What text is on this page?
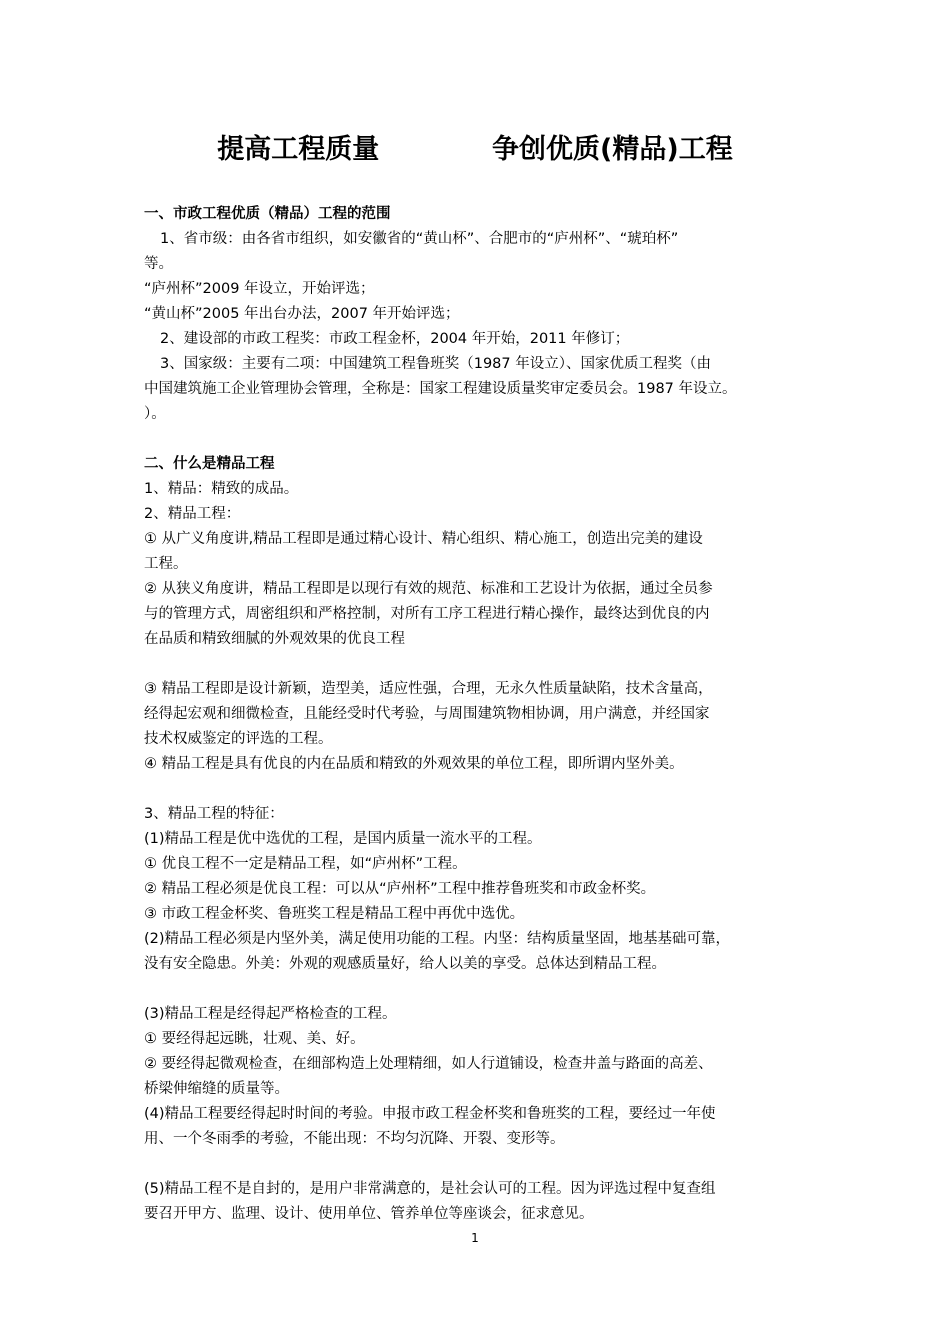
提高工程质量            争创优质(精品)工程
一、市政工程优质（精品）工程的范围

1、省市级：由各省市组织，如安徽省的“黄山杯”、合肥市的“庐州杯”、“琥珀杯”

等。

“庐州杯”2009 年设立，开始评选；

“黄山杯”2005 年出台办法，2007 年开始评选；

2、建设部的市政工程奖：市政工程金杯，2004 年开始，2011 年修订；

3、国家级：主要有二项：中国建筑工程鲁班奖（1987 年设立）、国家优质工程奖（由

中国建筑施工企业管理协会管理，全称是：国家工程建设质量奖审定委员会。1987 年设立。

）。

二、什么是精品工程

1、精品：精致的成品。

2、精品工程：

① 从广义角度讲,精品工程即是通过精心设计、精心组织、精心施工，创造出完美的建设

工程。

② 从狭义角度讲，精品工程即是以现行有效的规范、标准和工艺设计为依据，通过全员参

与的管理方式，周密组织和严格控制，对所有工序工程进行精心操作，最终达到优良的内

在品质和精致细腻的外观效果的优良工程

③ 精品工程即是设计新颖，造型美，适应性强，合理，无永久性质量缺陷，技术含量高，

经得起宏观和细微检查，且能经受时代考验，与周围建筑物相协调，用户满意，并经国家

技术权威鉴定的评选的工程。

④ 精品工程是具有优良的内在品质和精致的外观效果的单位工程，即所谓内坚外美。

3、精品工程的特征：

(1)精品工程是优中选优的工程，是国内质量一流水平的工程。

① 优良工程不一定是精品工程，如“庐州杯”工程。

② 精品工程必须是优良工程：可以从“庐州杯”工程中推荐鲁班奖和市政金杯奖。

③ 市政工程金杯奖、鲁班奖工程是精品工程中再优中选优。

(2)精品工程必须是内坚外美，满足使用功能的工程。内坚：结构质量坚固，地基基础可靠，

没有安全隐患。外美：外观的观感质量好，给人以美的享受。总体达到精品工程。

(3)精品工程是经得起严格检查的工程。

① 要经得起远眺，壮观、美、好。

② 要经得起微观检查，在细部构造上处理精细，如人行道铺设，检查井盖与路面的高差、

桥梁伸缩缝的质量等。

(4)精品工程要经得起时时间的考验。申报市政工程金杯奖和鲁班奖的工程，要经过一年使

用、一个冬雨季的考验，不能出现：不均匀沉降、开裂、变形等。

(5)精品工程不是自封的，是用户非常满意的，是社会认可的工程。因为评选过程中复查组

要召开甲方、监理、设计、使用单位、管养单位等座谈会，征求意见。

1
